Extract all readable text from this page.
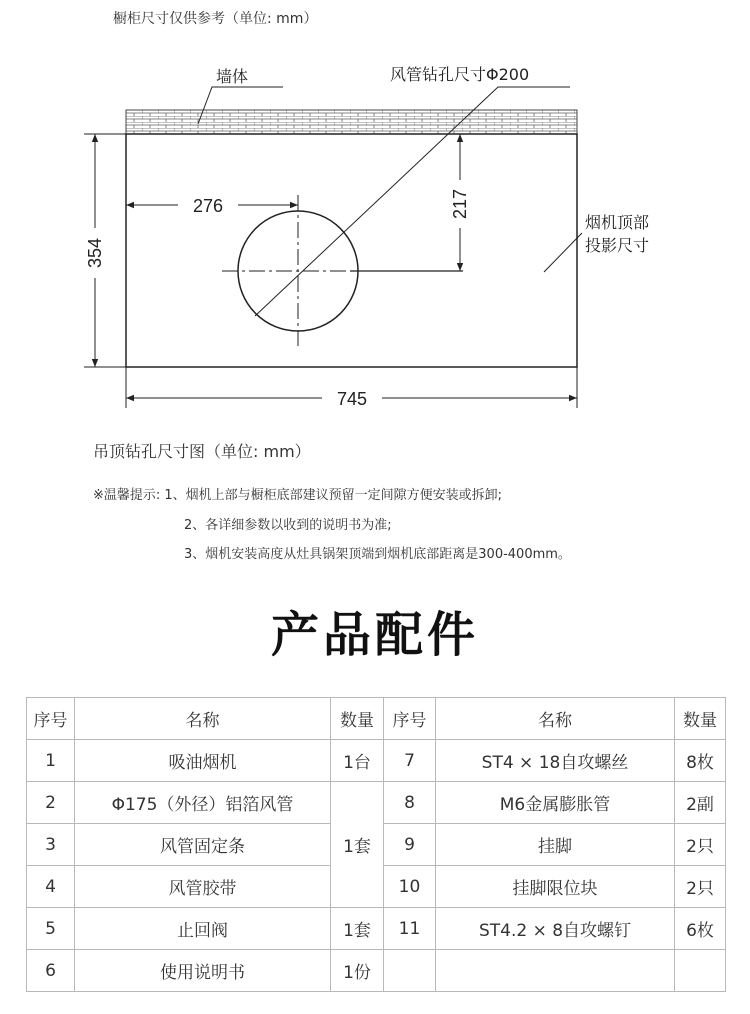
橱柜尺寸仅供参考（单位: mm）
276	217
354
745
墙体	风管钻孔尺寸Φ200
烟机顶部
投影尺寸
吊顶钻孔尺寸图（单位: mm）
※温馨提示: 1、烟机上部与橱柜底部建议预留一定间隙方便安装或拆卸;
2、各详细参数以收到的说明书为准;
3、烟机安装高度从灶具锅架顶端到烟机底部距离是300-400mm。
产品配件
序号	名称	数量	序号	名称	数量
1	吸油烟机	1台	7	ST4 × 18自攻螺丝	8枚
2	Φ175（外径）铝箔风管	1套	8	M6金属膨胀管	2副
3	风管固定条		9	挂脚	2只
4	风管胶带		10	挂脚限位块	2只
5	止回阀	1套	11	ST4.2 × 8自攻螺钉	6枚
6	使用说明书	1份			
